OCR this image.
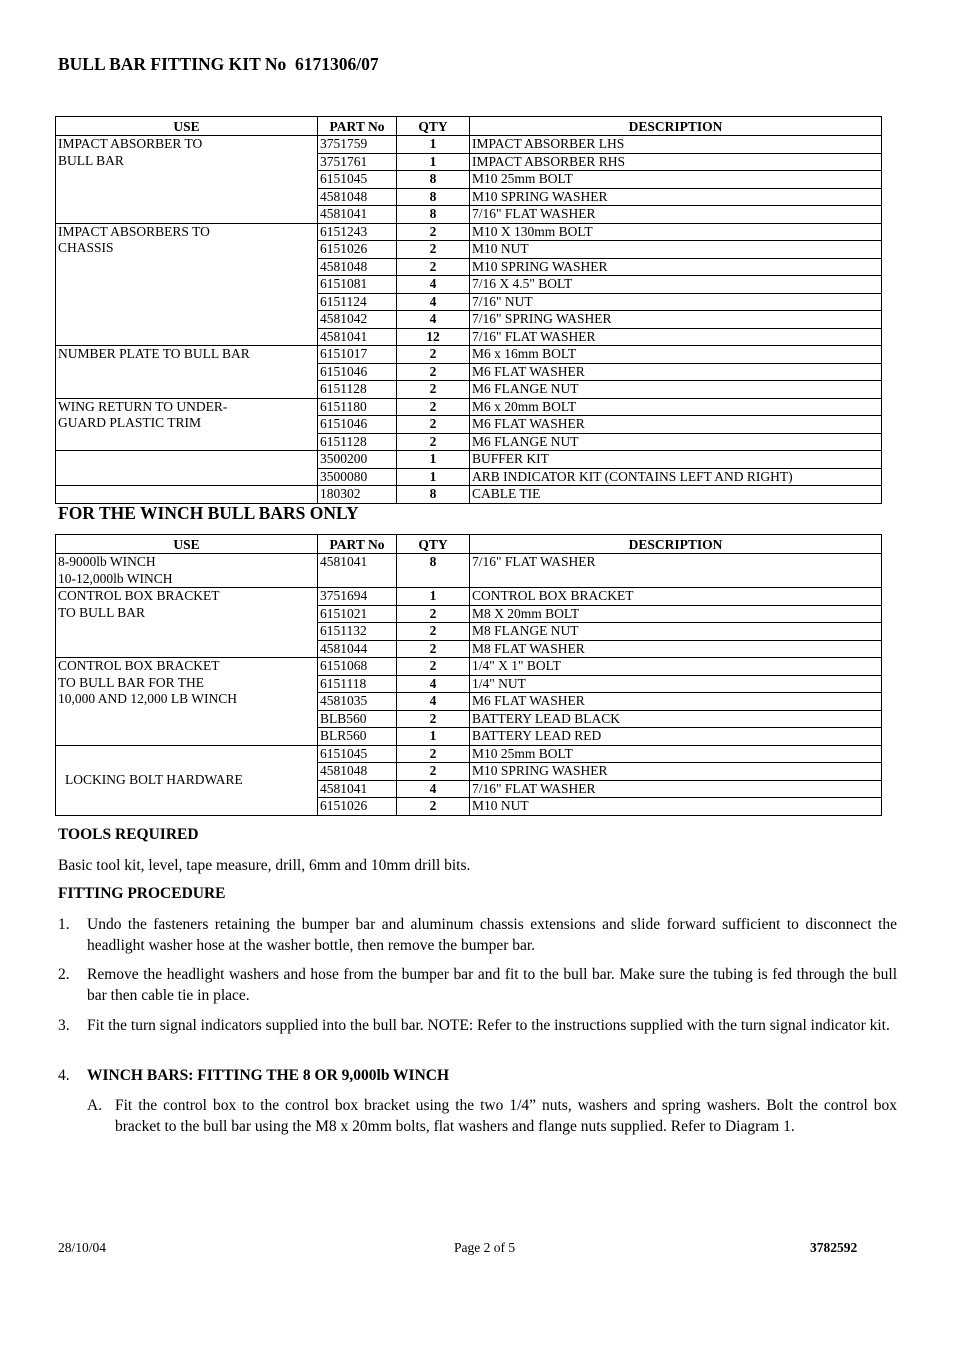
BULL BAR FITTING KIT No  6171306/07
USE	PART No	QTY	DESCRIPTION

IMPACT ABSORBER TO
BULL BAR	3751759	1	IMPACT ABSORBER LHS
	3751761	1	IMPACT ABSORBER RHS
	6151045	8	M10 25mm BOLT
	4581048	8	M10 SPRING WASHER
	4581041	8	7/16" FLAT WASHER

IMPACT ABSORBERS TO
CHASSIS	6151243	2	M10 X 130mm BOLT
	6151026	2	M10 NUT
	4581048	2	M10 SPRING WASHER
	6151081	4	7/16 X 4.5" BOLT
	6151124	4	7/16" NUT
	4581042	4	7/16" SPRING WASHER
	4581041	12	7/16" FLAT WASHER

NUMBER PLATE TO BULL BAR	6151017	2	M6 x 16mm BOLT
	6151046	2	M6 FLAT WASHER
	6151128	2	M6 FLANGE NUT

WING RETURN TO UNDER-
GUARD PLASTIC TRIM	6151180	2	M6 x 20mm BOLT
	6151046	2	M6 FLAT WASHER
	6151128	2	M6 FLANGE NUT
	3500200	1	BUFFER KIT
	3500080	1	ARB INDICATOR KIT (CONTAINS LEFT AND RIGHT)
	180302	8	CABLE TIE
FOR THE WINCH BULL BARS ONLY
USE	PART No	QTY	DESCRIPTION

8-9000lb WINCH
10-12,000lb WINCH	4581041	8	7/16" FLAT WASHER

CONTROL BOX BRACKET
TO BULL BAR	3751694	1	CONTROL BOX BRACKET
	6151021	2	M8 X 20mm BOLT
	6151132	2	M8 FLANGE NUT
	4581044	2	M8 FLAT WASHER

CONTROL BOX BRACKET
TO BULL BAR FOR THE
10,000 AND 12,000 LB WINCH	6151068	2	1/4" X 1" BOLT
	6151118	4	1/4" NUT
	4581035	4	M6 FLAT WASHER
	BLB560	2	BATTERY LEAD BLACK
	BLR560	1	BATTERY LEAD RED

LOCKING BOLT HARDWARE	6151045	2	M10 25mm BOLT
	4581048	2	M10 SPRING WASHER
	4581041	4	7/16" FLAT WASHER
	6151026	2	M10 NUT
TOOLS REQUIRED

Basic tool kit, level, tape measure, drill, 6mm and 10mm drill bits.

FITTING PROCEDURE
1. Undo the fasteners retaining the bumper bar and aluminum chassis extensions and slide forward sufficient to disconnect the headlight washer hose at the washer bottle, then remove the bumper bar.
2. Remove the headlight washers and hose from the bumper bar and fit to the bull bar. Make sure the tubing is fed through the bull bar then cable tie in place.
3. Fit the turn signal indicators supplied into the bull bar. NOTE: Refer to the instructions supplied with the turn signal indicator kit.
4. WINCH BARS: FITTING THE 8 OR 9,000lb WINCH
A. Fit the control box to the control box bracket using the two 1/4” nuts, washers and spring washers. Bolt the control box bracket to the bull bar using the M8 x 20mm bolts, flat washers and flange nuts supplied. Refer to Diagram 1.
28/10/04	Page 2 of 5	3782592
